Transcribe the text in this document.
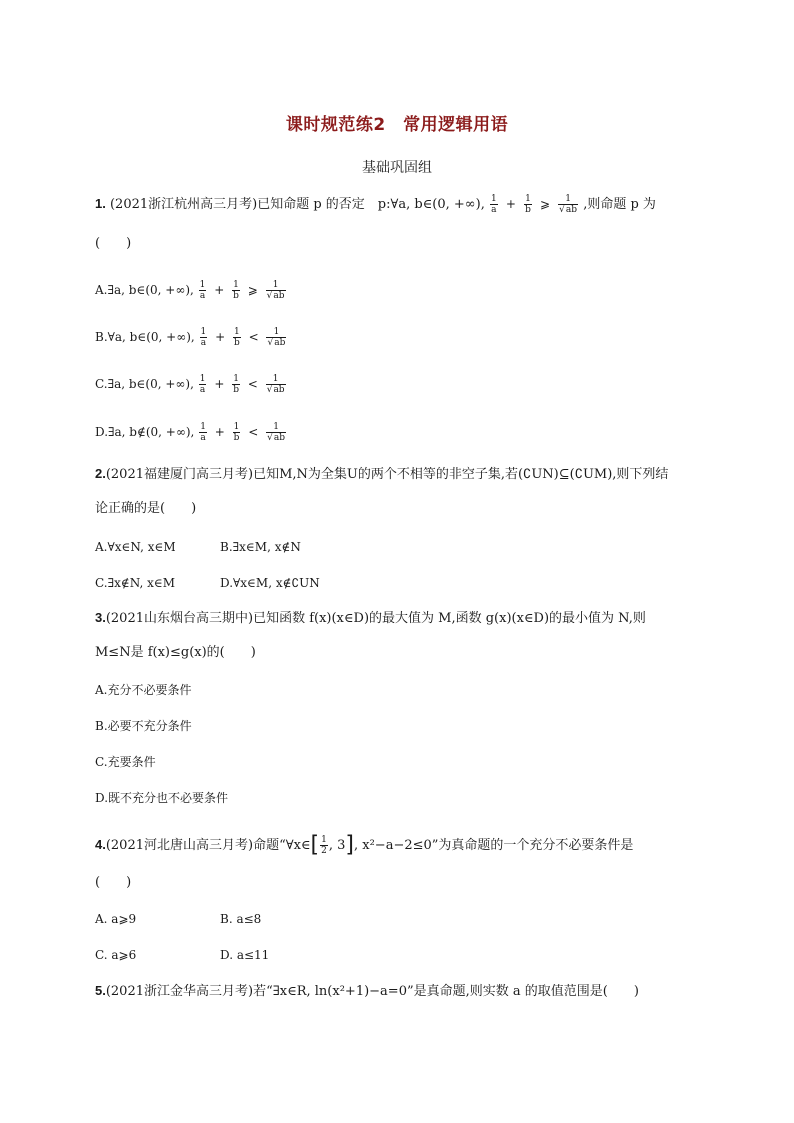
课时规范练2　常用逻辑用语
基础巩固组
1. (2021浙江杭州高三月考)已知命题 p 的否定　p:∀a, b∈(0, +∞), $\frac{1}{a} + \frac{1}{b}$ ⩾ $\frac{1}{√ab}$ ,则命题 p 为
(　　)
A.∃a, b∈(0, +∞), $\frac{1}{a} + \frac{1}{b}$ ⩾ $\frac{1}{√ab}$
B.∀a, b∈(0, +∞), $\frac{1}{a} + \frac{1}{b} < \frac{1}{√ab}$
C.∃a, b∈(0, +∞), $\frac{1}{a} + \frac{1}{b} < \frac{1}{√ab}$
D.∃a, b∉(0, +∞), $\frac{1}{a} + \frac{1}{b} < \frac{1}{√ab}$
2.(2021福建厦门高三月考)已知M,N为全集U的两个不相等的非空子集,若(∁UN)⊆(∁UM),则下列结
论正确的是(　　)
A.∀x∈N, x∈M	B.∃x∈M, x∉N
C.∃x∉N, x∈M	D.∀x∈M, x∉∁UN
3.(2021山东烟台高三期中)已知函数 f(x)(x∈D)的最大值为 M,函数 g(x)(x∈D)的最小值为 N,则
M≤N是 f(x)≤g(x)的(　　)
A.充分不必要条件
B.必要不充分条件
C.充要条件
D.既不充分也不必要条件
4.(2021河北唐山高三月考)命题“∀x∈[ $\frac{1}{2}$ , 3], x²−a−2≤0”为真命题的一个充分不必要条件是
(　　)
A. a⩾9	B. a≤8
C. a⩾6	D. a≤11
5.(2021浙江金华高三月考)若“∃x∈R, ln(x²+1)−a=0”是真命题,则实数 a 的取值范围是(　　)
